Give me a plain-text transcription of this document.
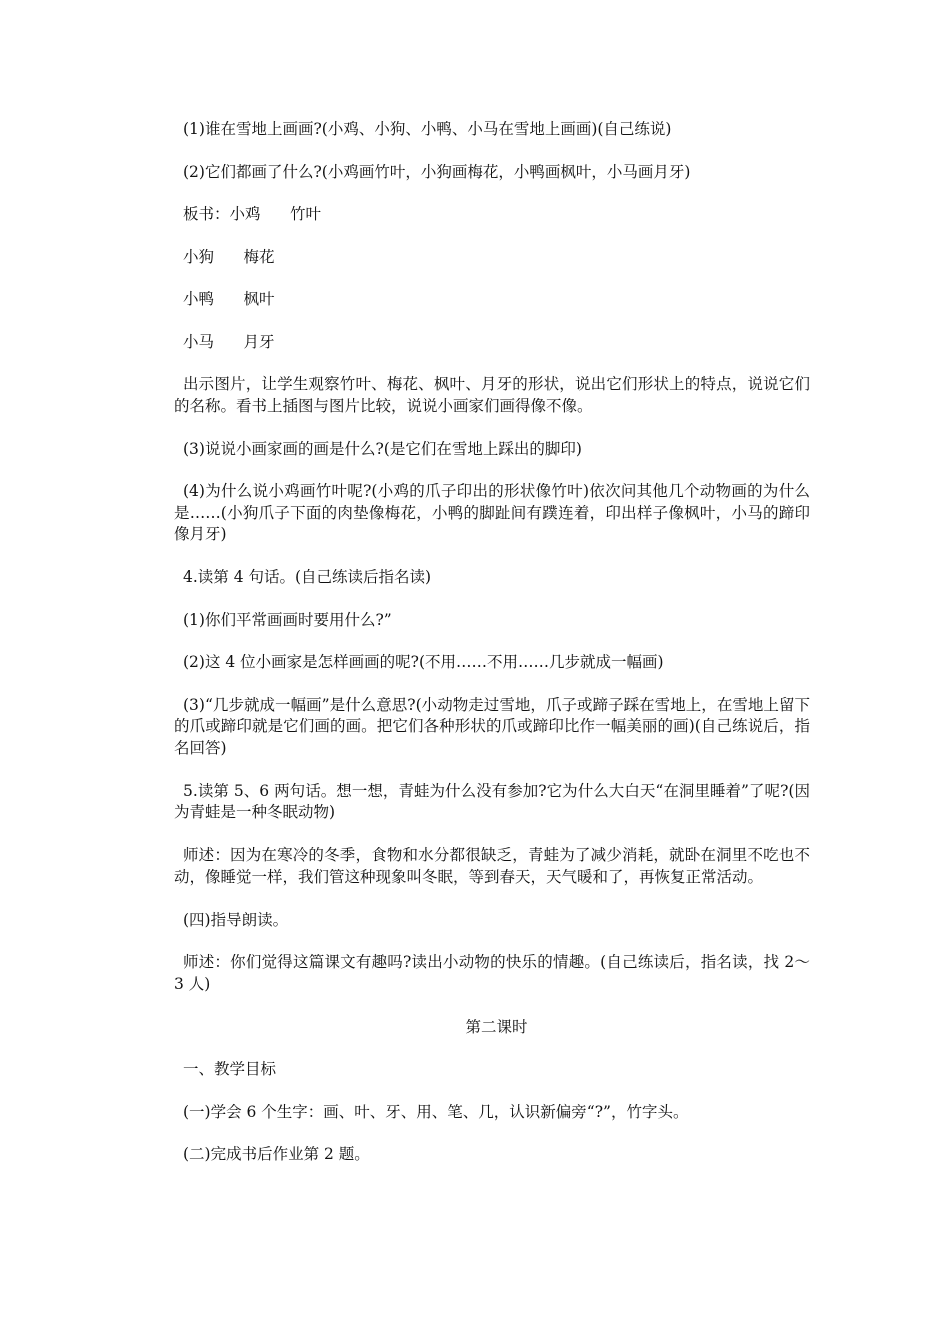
(1)谁在雪地上画画?(小鸡、小狗、小鸭、小马在雪地上画画)(自己练说)

(2)它们都画了什么?(小鸡画竹叶，小狗画梅花，小鸭画枫叶，小马画月牙)

板书：小鸡      竹叶

小狗      梅花

小鸭      枫叶

小马      月牙

出示图片，让学生观察竹叶、梅花、枫叶、月牙的形状，说出它们形状上的特点，说说它们的名称。看书上插图与图片比较，说说小画家们画得像不像。

(3)说说小画家画的画是什么?(是它们在雪地上踩出的脚印)

(4)为什么说小鸡画竹叶呢?(小鸡的爪子印出的形状像竹叶)依次问其他几个动物画的为什么是……(小狗爪子下面的肉垫像梅花，小鸭的脚趾间有蹼连着，印出样子像枫叶，小马的蹄印像月牙)

4.读第 4 句话。(自己练读后指名读)

(1)你们平常画画时要用什么?”

(2)这 4 位小画家是怎样画画的呢?(不用……不用……几步就成一幅画)

(3)“几步就成一幅画”是什么意思?(小动物走过雪地，爪子或蹄子踩在雪地上，在雪地上留下的爪或蹄印就是它们画的画。把它们各种形状的爪或蹄印比作一幅美丽的画)(自己练说后，指名回答)

5.读第 5、6 两句话。想一想，青蛙为什么没有参加?它为什么大白天“在洞里睡着”了呢?(因为青蛙是一种冬眠动物)

师述：因为在寒冷的冬季，食物和水分都很缺乏，青蛙为了减少消耗，就卧在洞里不吃也不动，像睡觉一样，我们管这种现象叫冬眠，等到春天，天气暖和了，再恢复正常活动。

(四)指导朗读。

师述：你们觉得这篇课文有趣吗?读出小动物的快乐的情趣。(自己练读后，指名读，找 2～3 人)

第二课时

一、教学目标

(一)学会 6 个生字：画、叶、牙、用、笔、几，认识新偏旁“?”，竹字头。

(二)完成书后作业第 2 题。
